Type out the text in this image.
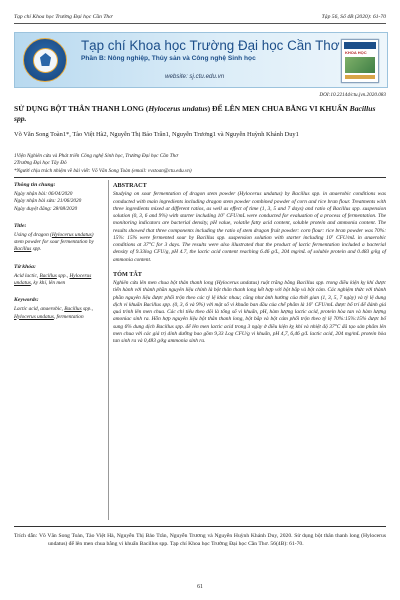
Tạp chí Khoa học Trường Đại học Cần Thơ	Tập 56, Số 4B (2020): 61-70
Tạp chí Khoa học Trường Đại học Cần Thơ
Phần B: Nông nghiệp, Thủy sản và Công nghệ Sinh học
website: sj.ctu.edu.vn
KHOA HỌC
DOI:10.22144/ctu.jvn.2020.083
SỬ DỤNG BỘT THÂN THANH LONG (Hylocerus undatus) ĐỂ LÊN MEN CHUA BẰNG VI KHUẨN Bacillus spp.
Võ Văn Song Toàn1*, Tào Việt Hà2, Nguyễn Thị Bảo Trân1, Nguyễn Trương1 và Nguyễn Huỳnh Khánh Duy1
1Viện Nghiên cứu và Phát triển Công nghệ Sinh học, Trường Đại học Cần Thơ
2Trường Đại học Tây Đô
*Người chịu trách nhiệm về bài viết: Võ Văn Song Toàn (email: vvstoan@ctu.edu.vn)
Thông tin chung:
Ngày nhận bài: 06/04/2020
Ngày nhận bài sửa: 21/06/2020
Ngày duyệt đăng: 28/08/2020
Title:
Using of dragon (Hylocerus undatus) stem powder for sour fermentation by Bacillus spp.
Từ khóa:
Acid lactic, Bacillus spp., Hylocerus undatus, ky khí, lên men
Keywords:
Lactic acid, anaerobic, Bacillus spp., Hylocerus undatus, fermentation
ABSTRACT

Studying on sour fermentation of dragon stem powder (Hylocerus undatus) by Bacillus spp. in anaerobic conditions was conducted with main ingredients including dragon stem powder combined powder of corn and rice bran flour. Treatments with three ingredients mixed at different ratios, as well as effect of time (1, 3, 5 and 7 days) and ratio of Bacillus spp. suspension solution (0, 3, 6 and 9%) with starter including 10⁷ CFU/mL were conducted for evaluation of a process of fermentation. The monitoring indicators are bacterial density, pH value, volatile fatty acid content, soluble protein and ammonia content. The results showed that three components including the ratio of stem dragon fruit powder: corn flour: rice bran powder was 70%: 15%: 15% were fermented sour by Bacillus spp. suspension solution with starter including 10⁷ CFU/mL in anaerobic conditions at 37°C for 3 days. The results were also illustrated that the product of lactic fermentation included a bacterial density of 9.33log CFU/g, pH 4.7, the lactic acid content reaching 6.46 g/L, 204 mg/mL of soluble protein and 0.483 g/kg of ammonia content.

TÓM TẮT

Nghiên cứu lên men chua bột thân thanh long (Hylocerus undatus) ruột trắng bằng Bacillus spp. trong điều kiện kỵ khí được tiến hành với thành phần nguyên liệu chính là bột thân thanh long kết hợp với bột bắp và bột cám. Các nghiệm thức với thành phần nguyên liệu được phối trộn theo các tỷ lệ khác nhau; cũng như ảnh hưởng của thời gian (1, 3, 5, 7 ngày) và tỷ lệ dung dịch vi khuẩn Bacillus spp. (0, 3, 6 và 9%) với mật số vi khuẩn ban đầu của chế phẩm là 10⁷ CFU/mL được bố trí để đánh giá quá trình lên men chua. Các chỉ tiêu theo dõi là tổng số vi khuẩn, pH, hàm lượng lactic acid, protein hòa tan và hàm lượng amoniac sinh ra. Hỗn hợp nguyên liệu bột thân thanh long, bột bắp và bột cám phối trộn theo tỷ lệ 70%:15%:15% được bổ sung 6% dung dịch Bacillus spp. để lên men lactic acid trong 3 ngày ở điều kiện kỵ khí và nhiệt độ 37°C đã tạo sản phẩm lên men chua với các giá trị dinh dưỡng bao gồm 9,33 Log CFU/g vi khuẩn, pH 4,7, 6,46 g/L lactic acid, 204 mg/mL protein hòa tan sinh ra và 0,483 g/kg ammonia sinh ra.

Trích dẫn: Võ Văn Song Toàn, Tào Việt Hà, Nguyễn Thị Bảo Trân, Nguyễn Trương và Nguyễn Huỳnh Khánh Duy, 2020. Sử dụng bột thân thanh long (Hylocerus undatus) để lên men chua bằng vi khuẩn Bacillus spp. Tạp chí Khoa học Trường Đại học Cần Thơ. 56(4B): 61-70.
61
